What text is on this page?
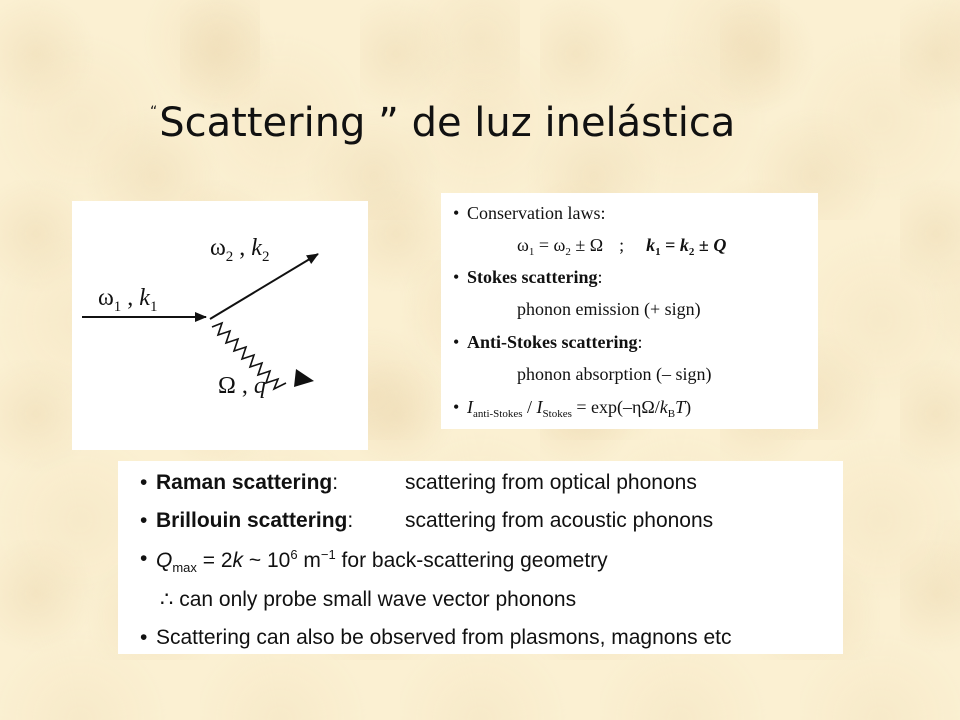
“Scattering ” de luz inelástica
$\omega_1$ , $k_1$
$\omega_2$ , $k_2$
Ω , q
• Conservation laws:
$\omega_1 = \omega_2 \pm \Omega$ ; $k_1 = k_2 \pm Q$
• Stokes scattering:
phonon emission (+ sign)
• Anti-Stokes scattering:
phonon absorption (– sign)
• $I_{anti-Stokes} / I_{Stokes} = \exp(-\eta\Omega/k_BT)$
• Raman scattering:	scattering from optical phonons
• Brillouin scattering: scattering from acoustic phonons
• $Q_{max} = 2k$ ~ $10^6$ $m^{-1}$ for back-scattering geometry
∴ can only probe small wave vector phonons
• Scattering can also be observed from plasmons, magnons etc
